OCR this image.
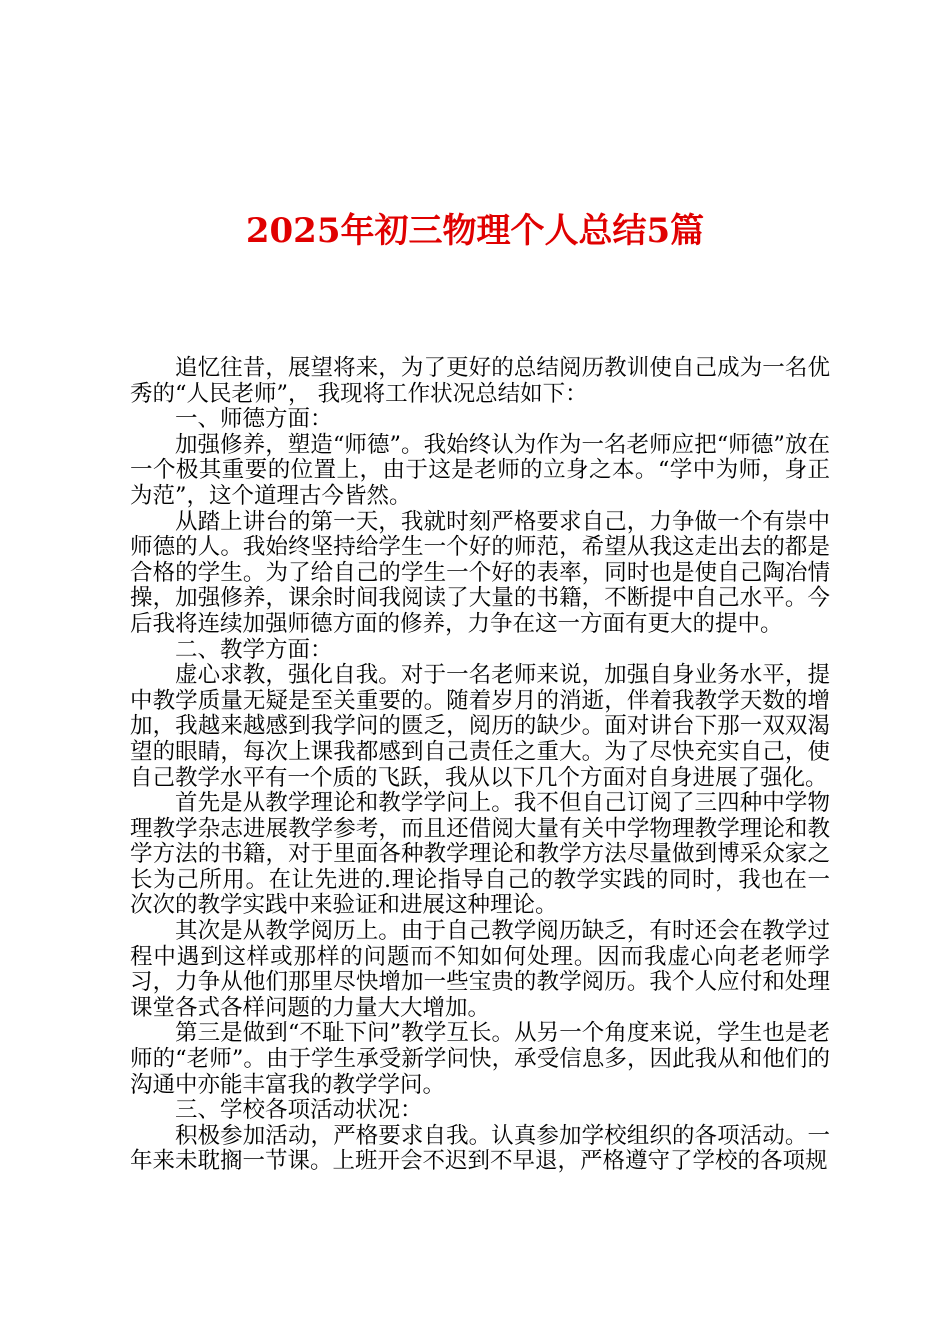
2025年初三物理个人总结5篇

追忆往昔，展望将来，为了更好的总结阅历教训使自己成为一名优秀的“人民老师”， 我现将工作状况总结如下：

一、师德方面：

加强修养，塑造“师德”。我始终认为作为一名老师应把“师德”放在一个极其重要的位置上，由于这是老师的立身之本。“学中为师，身正为范”，这个道理古今皆然。

从踏上讲台的第一天，我就时刻严格要求自己，力争做一个有崇中师德的人。我始终坚持给学生一个好的师范，希望从我这走出去的都是合格的学生。为了给自己的学生一个好的表率，同时也是使自己陶冶情操，加强修养，课余时间我阅读了大量的书籍，不断提中自己水平。今后我将连续加强师德方面的修养，力争在这一方面有更大的提中。

二、教学方面：

虚心求教，强化自我。对于一名老师来说，加强自身业务水平，提中教学质量无疑是至关重要的。随着岁月的消逝，伴着我教学天数的增加，我越来越感到我学问的匮乏，阅历的缺少。面对讲台下那一双双渴望的眼睛，每次上课我都感到自己责任之重大。为了尽快充实自己，使自己教学水平有一个质的飞跃，我从以下几个方面对自身进展了强化。

首先是从教学理论和教学学问上。我不但自己订阅了三四种中学物理教学杂志进展教学参考，而且还借阅大量有关中学物理教学理论和教学方法的书籍，对于里面各种教学理论和教学方法尽量做到博采众家之长为己所用。在让先进的.理论指导自己的教学实践的同时，我也在一次次的教学实践中来验证和进展这种理论。

其次是从教学阅历上。由于自己教学阅历缺乏，有时还会在教学过程中遇到这样或那样的问题而不知如何处理。因而我虚心向老老师学习，力争从他们那里尽快增加一些宝贵的教学阅历。我个人应付和处理课堂各式各样问题的力量大大增加。

第三是做到“不耻下问”教学互长。从另一个角度来说，学生也是老师的“老师”。由于学生承受新学问快，承受信息多，因此我从和他们的沟通中亦能丰富我的教学学问。

三、学校各项活动状况：

积极参加活动，严格要求自我。认真参加学校组织的各项活动。一年来未耽搁一节课。上班开会不迟到不早退，严格遵守了学校的各项规
